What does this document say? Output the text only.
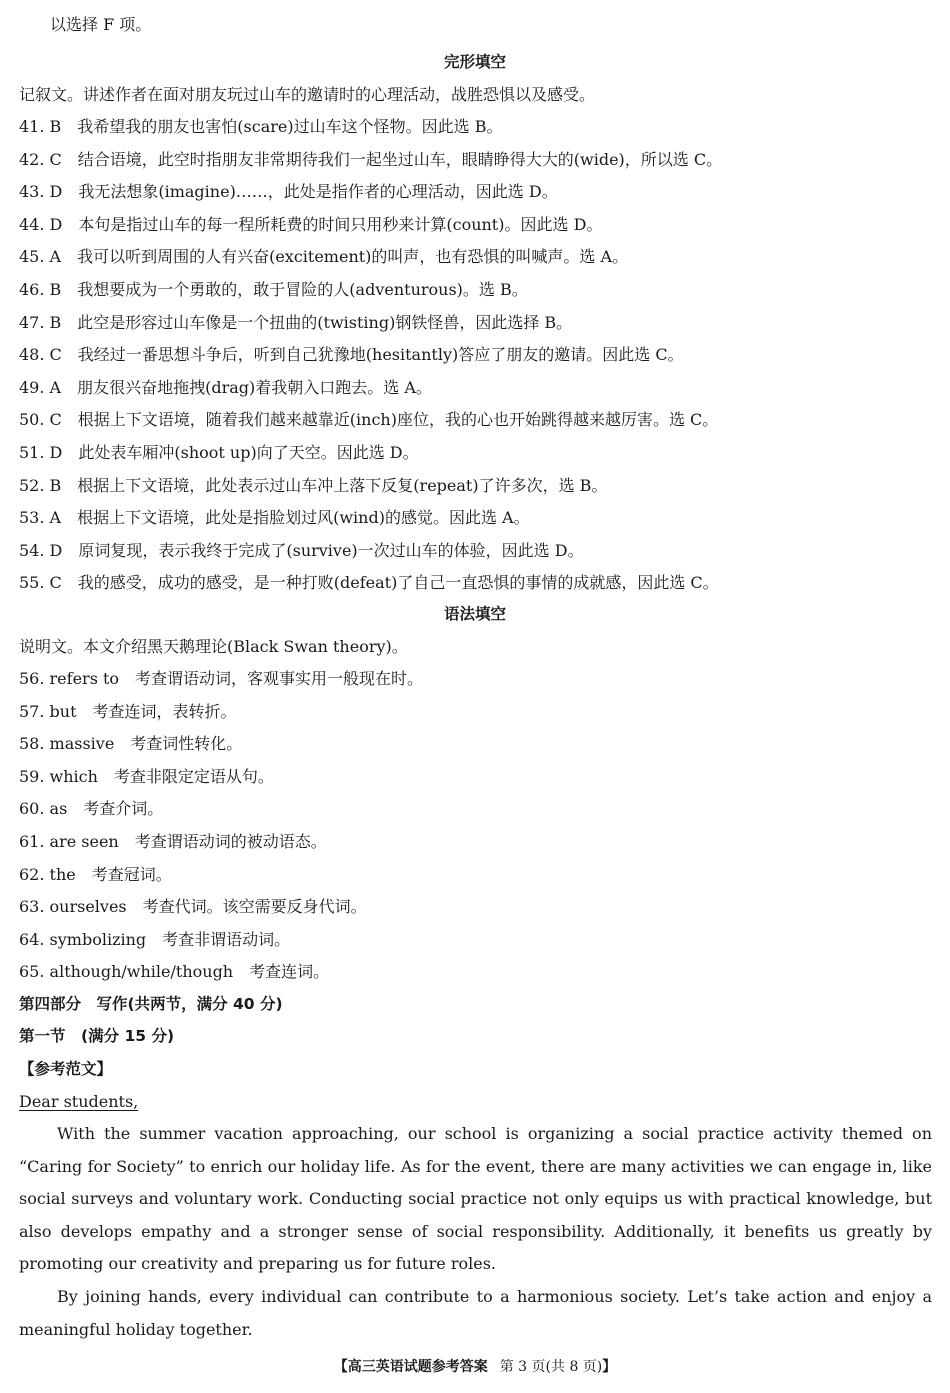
以选择 F 项。
完形填空
记叙文。讲述作者在面对朋友玩过山车的邀请时的心理活动，战胜恐惧以及感受。
41. B 我希望我的朋友也害怕(scare)过山车这个怪物。因此选 B。
42. C 结合语境，此空时指朋友非常期待我们一起坐过山车，眼睛睁得大大的(wide)，所以选 C。
43. D 我无法想象(imagine)……，此处是指作者的心理活动，因此选 D。
44. D 本句是指过山车的每一程所耗费的时间只用秒来计算(count)。因此选 D。
45. A 我可以听到周围的人有兴奋(excitement)的叫声，也有恐惧的叫喊声。选 A。
46. B 我想要成为一个勇敢的，敢于冒险的人(adventurous)。选 B。
47. B 此空是形容过山车像是一个扭曲的(twisting)钢铁怪兽，因此选择 B。
48. C 我经过一番思想斗争后，听到自己犹豫地(hesitantly)答应了朋友的邀请。因此选 C。
49. A 朋友很兴奋地拖拽(drag)着我朝入口跑去。选 A。
50. C 根据上下文语境，随着我们越来越靠近(inch)座位，我的心也开始跳得越来越厉害。选 C。
51. D 此处表车厢冲(shoot up)向了天空。因此选 D。
52. B 根据上下文语境，此处表示过山车冲上落下反复(repeat)了许多次，选 B。
53. A 根据上下文语境，此处是指脸划过风(wind)的感觉。因此选 A。
54. D 原词复现，表示我终于完成了(survive)一次过山车的体验，因此选 D。
55. C 我的感受，成功的感受，是一种打败(defeat)了自己一直恐惧的事情的成就感，因此选 C。
语法填空
说明文。本文介绍黑天鹅理论(Black Swan theory)。
56. refers to 考查谓语动词，客观事实用一般现在时。
57. but 考查连词，表转折。
58. massive 考查词性转化。
59. which 考查非限定定语从句。
60. as 考查介词。
61. are seen 考查谓语动词的被动语态。
62. the 考查冠词。
63. ourselves 考查代词。该空需要反身代词。
64. symbolizing 考查非谓语动词。
65. although/while/though 考查连词。
第四部分　写作(共两节，满分 40 分)
第一节　(满分 15 分)
【参考范文】
Dear students,
With the summer vacation approaching, our school is organizing a social practice activity themed on “Caring for Society” to enrich our holiday life. As for the event, there are many activities we can engage in, like social surveys and voluntary work. Conducting social practice not only equips us with practical knowledge, but also develops empathy and a stronger sense of social responsibility. Additionally, it benefits us greatly by promoting our creativity and preparing us for future roles.
By joining hands, every individual can contribute to a harmonious society. Let’s take action and enjoy a meaningful holiday together.
【高三英语试题参考答案 第 3 页(共 8 页)】
